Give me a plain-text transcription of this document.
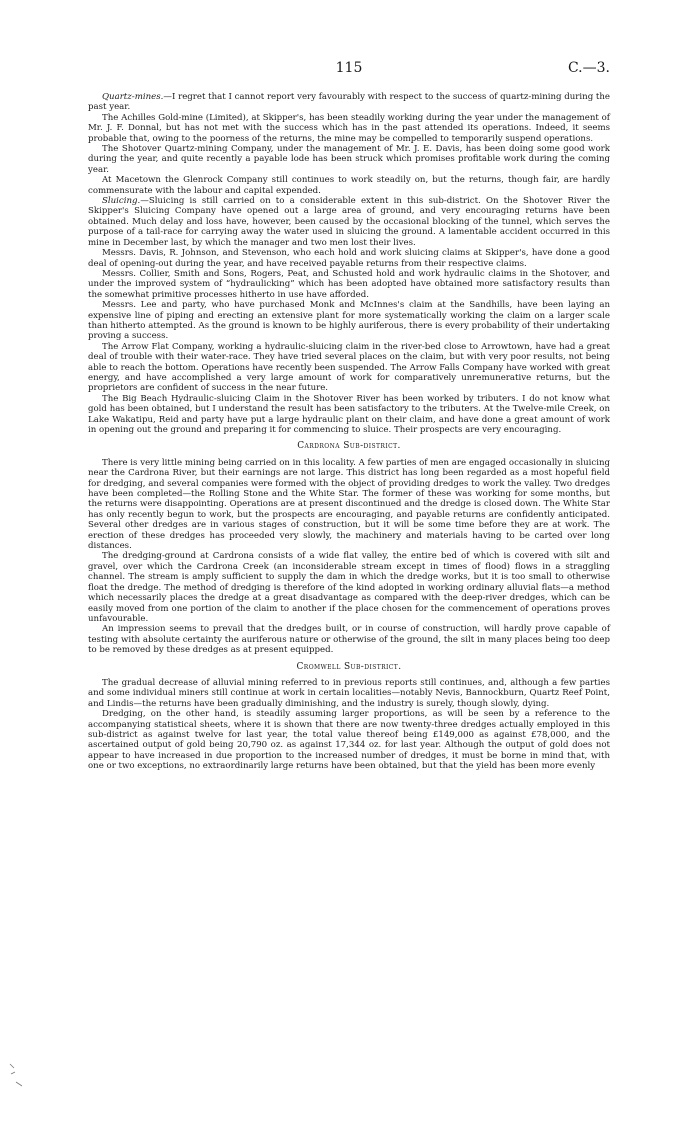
115	C.—3.

Quartz-mines.—I regret that I cannot report very favourably with respect to the success of quartz-mining during the past year.

The Achilles Gold-mine (Limited), at Skipper's, has been steadily working during the year under the management of Mr. J. F. Donnal, but has not met with the success which has in the past attended its operations. Indeed, it seems probable that, owing to the poorness of the returns, the mine may be compelled to temporarily suspend operations.

The Shotover Quartz-mining Company, under the management of Mr. J. E. Davis, has been doing some good work during the year, and quite recently a payable lode has been struck which promises profitable work during the coming year.

At Macetown the Glenrock Company still continues to work steadily on, but the returns, though fair, are hardly commensurate with the labour and capital expended.

Sluicing.—Sluicing is still carried on to a considerable extent in this sub-district. On the Shotover River the Skipper's Sluicing Company have opened out a large area of ground, and very encouraging returns have been obtained. Much delay and loss have, however, been caused by the occasional blocking of the tunnel, which serves the purpose of a tail-race for carrying away the water used in sluicing the ground. A lamentable accident occurred in this mine in December last, by which the manager and two men lost their lives.

Messrs. Davis, R. Johnson, and Stevenson, who each hold and work sluicing claims at Skipper's, have done a good deal of opening-out during the year, and have received payable returns from their respective claims.

Messrs. Collier, Smith and Sons, Rogers, Peat, and Schusted hold and work hydraulic claims in the Shotover, and under the improved system of “hydraulicking” which has been adopted have obtained more satisfactory results than the somewhat primitive processes hitherto in use have afforded.

Messrs. Lee and party, who have purchased Monk and McInnes's claim at the Sandhills, have been laying an expensive line of piping and erecting an extensive plant for more systematically working the claim on a larger scale than hitherto attempted. As the ground is known to be highly auriferous, there is every probability of their undertaking proving a success.

The Arrow Flat Company, working a hydraulic-sluicing claim in the river-bed close to Arrowtown, have had a great deal of trouble with their water-race. They have tried several places on the claim, but with very poor results, not being able to reach the bottom. Operations have recently been suspended. The Arrow Falls Company have worked with great energy, and have accomplished a very large amount of work for comparatively unremunerative returns, but the proprietors are confident of success in the near future.

The Big Beach Hydraulic-sluicing Claim in the Shotover River has been worked by tributers. I do not know what gold has been obtained, but I understand the result has been satisfactory to the tributers. At the Twelve-mile Creek, on Lake Wakatipu, Reid and party have put a large hydraulic plant on their claim, and have done a great amount of work in opening out the ground and preparing it for commencing to sluice. Their prospects are very encouraging.

Cardrona Sub-district.

There is very little mining being carried on in this locality. A few parties of men are engaged occasionally in sluicing near the Cardrona River, but their earnings are not large. This district has long been regarded as a most hopeful field for dredging, and several companies were formed with the object of providing dredges to work the valley. Two dredges have been completed—the Rolling Stone and the White Star. The former of these was working for some months, but the returns were disappointing. Operations are at present discontinued and the dredge is closed down. The White Star has only recently begun to work, but the prospects are encouraging, and payable returns are confidently anticipated. Several other dredges are in various stages of construction, but it will be some time before they are at work. The erection of these dredges has proceeded very slowly, the machinery and materials having to be carted over long distances.

The dredging-ground at Cardrona consists of a wide flat valley, the entire bed of which is covered with silt and gravel, over which the Cardrona Creek (an inconsiderable stream except in times of flood) flows in a straggling channel. The stream is amply sufficient to supply the dam in which the dredge works, but it is too small to otherwise float the dredge. The method of dredging is therefore of the kind adopted in working ordinary alluvial flats—a method which necessarily places the dredge at a great disadvantage as compared with the deep-river dredges, which can be easily moved from one portion of the claim to another if the place chosen for the commencement of operations proves unfavourable.

An impression seems to prevail that the dredges built, or in course of construction, will hardly prove capable of testing with absolute certainty the auriferous nature or otherwise of the ground, the silt in many places being too deep to be removed by these dredges as at present equipped.

Cromwell Sub-district.

The gradual decrease of alluvial mining referred to in previous reports still continues, and, although a few parties and some individual miners still continue at work in certain localities—notably Nevis, Bannockburn, Quartz Reef Point, and Lindis—the returns have been gradually diminishing, and the industry is surely, though slowly, dying.

Dredging, on the other hand, is steadily assuming larger proportions, as will be seen by a reference to the accompanying statistical sheets, where it is shown that there are now twenty-three dredges actually employed in this sub-district as against twelve for last year, the total value thereof being £149,000 as against £78,000, and the ascertained output of gold being 20,790 oz. as against 17,344 oz. for last year. Although the output of gold does not appear to have increased in due proportion to the increased number of dredges, it must be borne in mind that, with one or two exceptions, no extraordinarily large returns have been obtained, but that the yield has been more evenly
